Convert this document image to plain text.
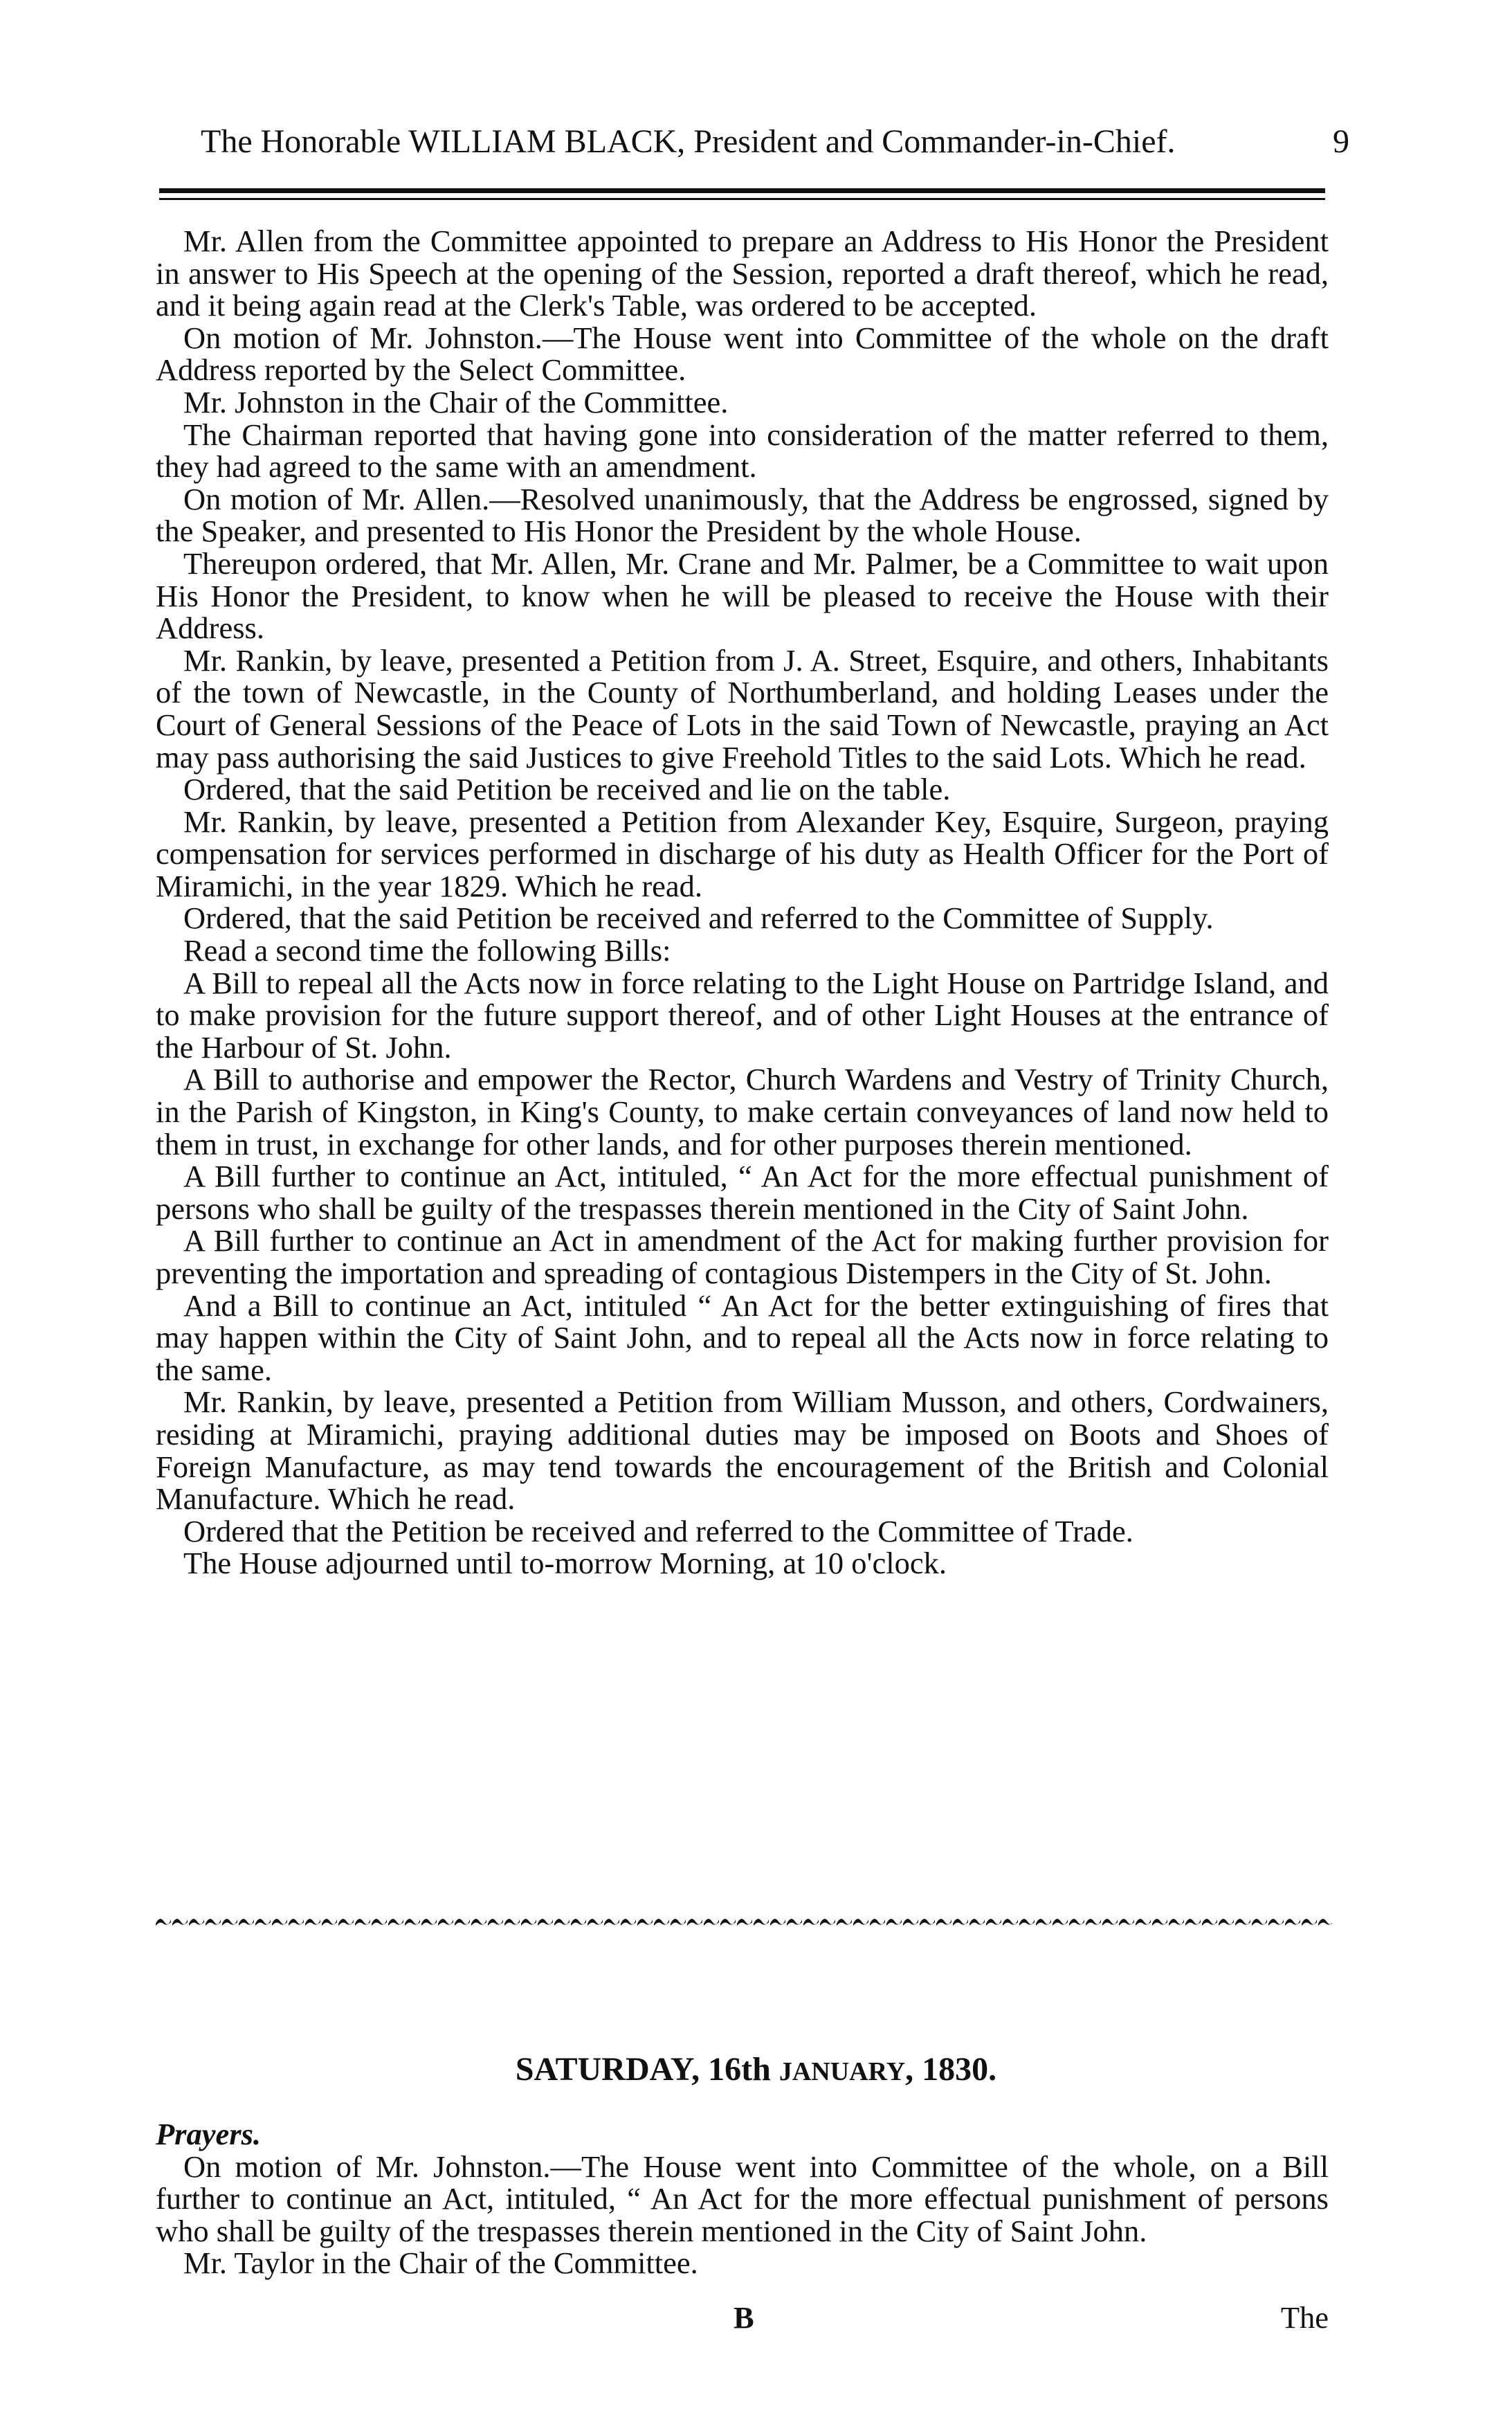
The Honorable WILLIAM BLACK, President and Commander-in-Chief.	9

Mr. Allen from the Committee appointed to prepare an Address to His Honor the President in answer to His Speech at the opening of the Session, reported a draft thereof, which he read, and it being again read at the Clerk's Table, was ordered to be accepted.

On motion of Mr. Johnston.—The House went into Committee of the whole on the draft Address reported by the Select Committee.

Mr. Johnston in the Chair of the Committee.

The Chairman reported that having gone into consideration of the matter referred to them, they had agreed to the same with an amendment.

On motion of Mr. Allen.—Resolved unanimously, that the Address be engrossed, signed by the Speaker, and presented to His Honor the President by the whole House.

Thereupon ordered, that Mr. Allen, Mr. Crane and Mr. Palmer, be a Committee to wait upon His Honor the President, to know when he will be pleased to receive the House with their Address.

Mr. Rankin, by leave, presented a Petition from J. A. Street, Esquire, and others, Inhabitants of the town of Newcastle, in the County of Northumberland, and holding Leases under the Court of General Sessions of the Peace of Lots in the said Town of Newcastle, praying an Act may pass authorising the said Justices to give Freehold Titles to the said Lots. Which he read.

Ordered, that the said Petition be received and lie on the table.

Mr. Rankin, by leave, presented a Petition from Alexander Key, Esquire, Surgeon, praying compensation for services performed in discharge of his duty as Health Officer for the Port of Miramichi, in the year 1829. Which he read.

Ordered, that the said Petition be received and referred to the Committee of Supply.

Read a second time the following Bills:

A Bill to repeal all the Acts now in force relating to the Light House on Partridge Island, and to make provision for the future support thereof, and of other Light Houses at the entrance of the Harbour of St. John.

A Bill to authorise and empower the Rector, Church Wardens and Vestry of Trinity Church, in the Parish of Kingston, in King's County, to make certain conveyances of land now held to them in trust, in exchange for other lands, and for other purposes therein mentioned.

A Bill further to continue an Act, intituled, “ An Act for the more effectual punishment of persons who shall be guilty of the trespasses therein mentioned in the City of Saint John.

A Bill further to continue an Act in amendment of the Act for making further provision for preventing the importation and spreading of contagious Distempers in the City of St. John.

And a Bill to continue an Act, intituled “ An Act for the better extinguishing of fires that may happen within the City of Saint John, and to repeal all the Acts now in force relating to the same.

Mr. Rankin, by leave, presented a Petition from William Musson, and others, Cordwainers, residing at Miramichi, praying additional duties may be imposed on Boots and Shoes of Foreign Manufacture, as may tend towards the encouragement of the British and Colonial Manufacture. Which he read.

Ordered that the Petition be received and referred to the Committee of Trade.

The House adjourned until to-morrow Morning, at 10 o'clock.

SATURDAY, 16th JANUARY, 1830.

Prayers.

On motion of Mr. Johnston.—The House went into Committee of the whole, on a Bill further to continue an Act, intituled, “ An Act for the more effectual punishment of persons who shall be guilty of the trespasses therein mentioned in the City of Saint John.

Mr. Taylor in the Chair of the Committee.

B	The
